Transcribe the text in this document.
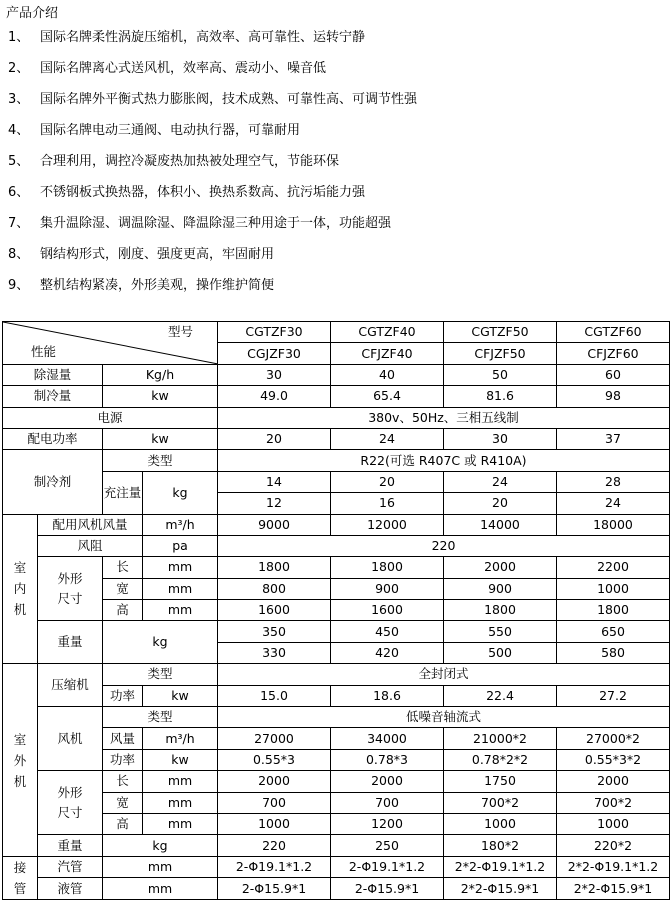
产品介绍
1、 国际名牌柔性涡旋压缩机，高效率、高可靠性、运转宁静
2、 国际名牌离心式送风机，效率高、震动小、噪音低
3、 国际名牌外平衡式热力膨胀阀，技术成熟、可靠性高、可调节性强
4、 国际名牌电动三通阀、电动执行器，可靠耐用
5、 合理利用，调控冷凝废热加热被处理空气，节能环保
6、 不锈钢板式换热器，体积小、换热系数高、抗污垢能力强
7、 集升温除湿、调温除湿、降温除湿三种用途于一体，功能超强
8、 钢结构形式，刚度、强度更高，牢固耐用
9、 整机结构紧凑，外形美观，操作维护简便
型号
性能				CGTZF30	CGTZF40	CGTZF50	CGTZF60
				CGJZF30	CFJZF40	CFJZF50	CFJZF60
除湿量		Kg/h		30	40	50	60
制冷量		kw		49.0	65.4	81.6	98
电源				380v、50Hz、三相五线制			
配电功率		kw		20	24	30	37
制冷剂		类型		R22(可选 R407C 或 R410A)			
		充注量	kg	14	20	24	28
				12	16	20	24
室
内
机	配用风机风量		m³/h	9000	12000	14000	18000
	风阻		pa	220			
	外形
尺寸	长	mm	1800	1800	2000	2200
		宽	mm	800	900	900	1000
		高	mm	1600	1600	1800	1800
	重量	kg		350	450	550	650
				330	420	500	580
室
外
机	压缩机	类型		全封闭式			
		功率	kw	15.0	18.6	22.4	27.2
	风机	类型		低噪音轴流式			
		风量	m³/h	27000	34000	21000*2	27000*2
		功率	kw	0.55*3	0.78*3	0.78*2*2	0.55*3*2
	外形
尺寸	长	mm	2000	2000	1750	2000
		宽	mm	700	700	700*2	700*2
		高	mm	1000	1200	1000	1000
	重量	kg		220	250	180*2	220*2
接
管	汽管	mm		2-Φ19.1*1.2	2-Φ19.1*1.2	2*2-Φ19.1*1.2	2*2-Φ19.1*1.2
	液管	mm		2-Φ15.9*1	2-Φ15.9*1	2*2-Φ15.9*1	2*2-Φ15.9*1
